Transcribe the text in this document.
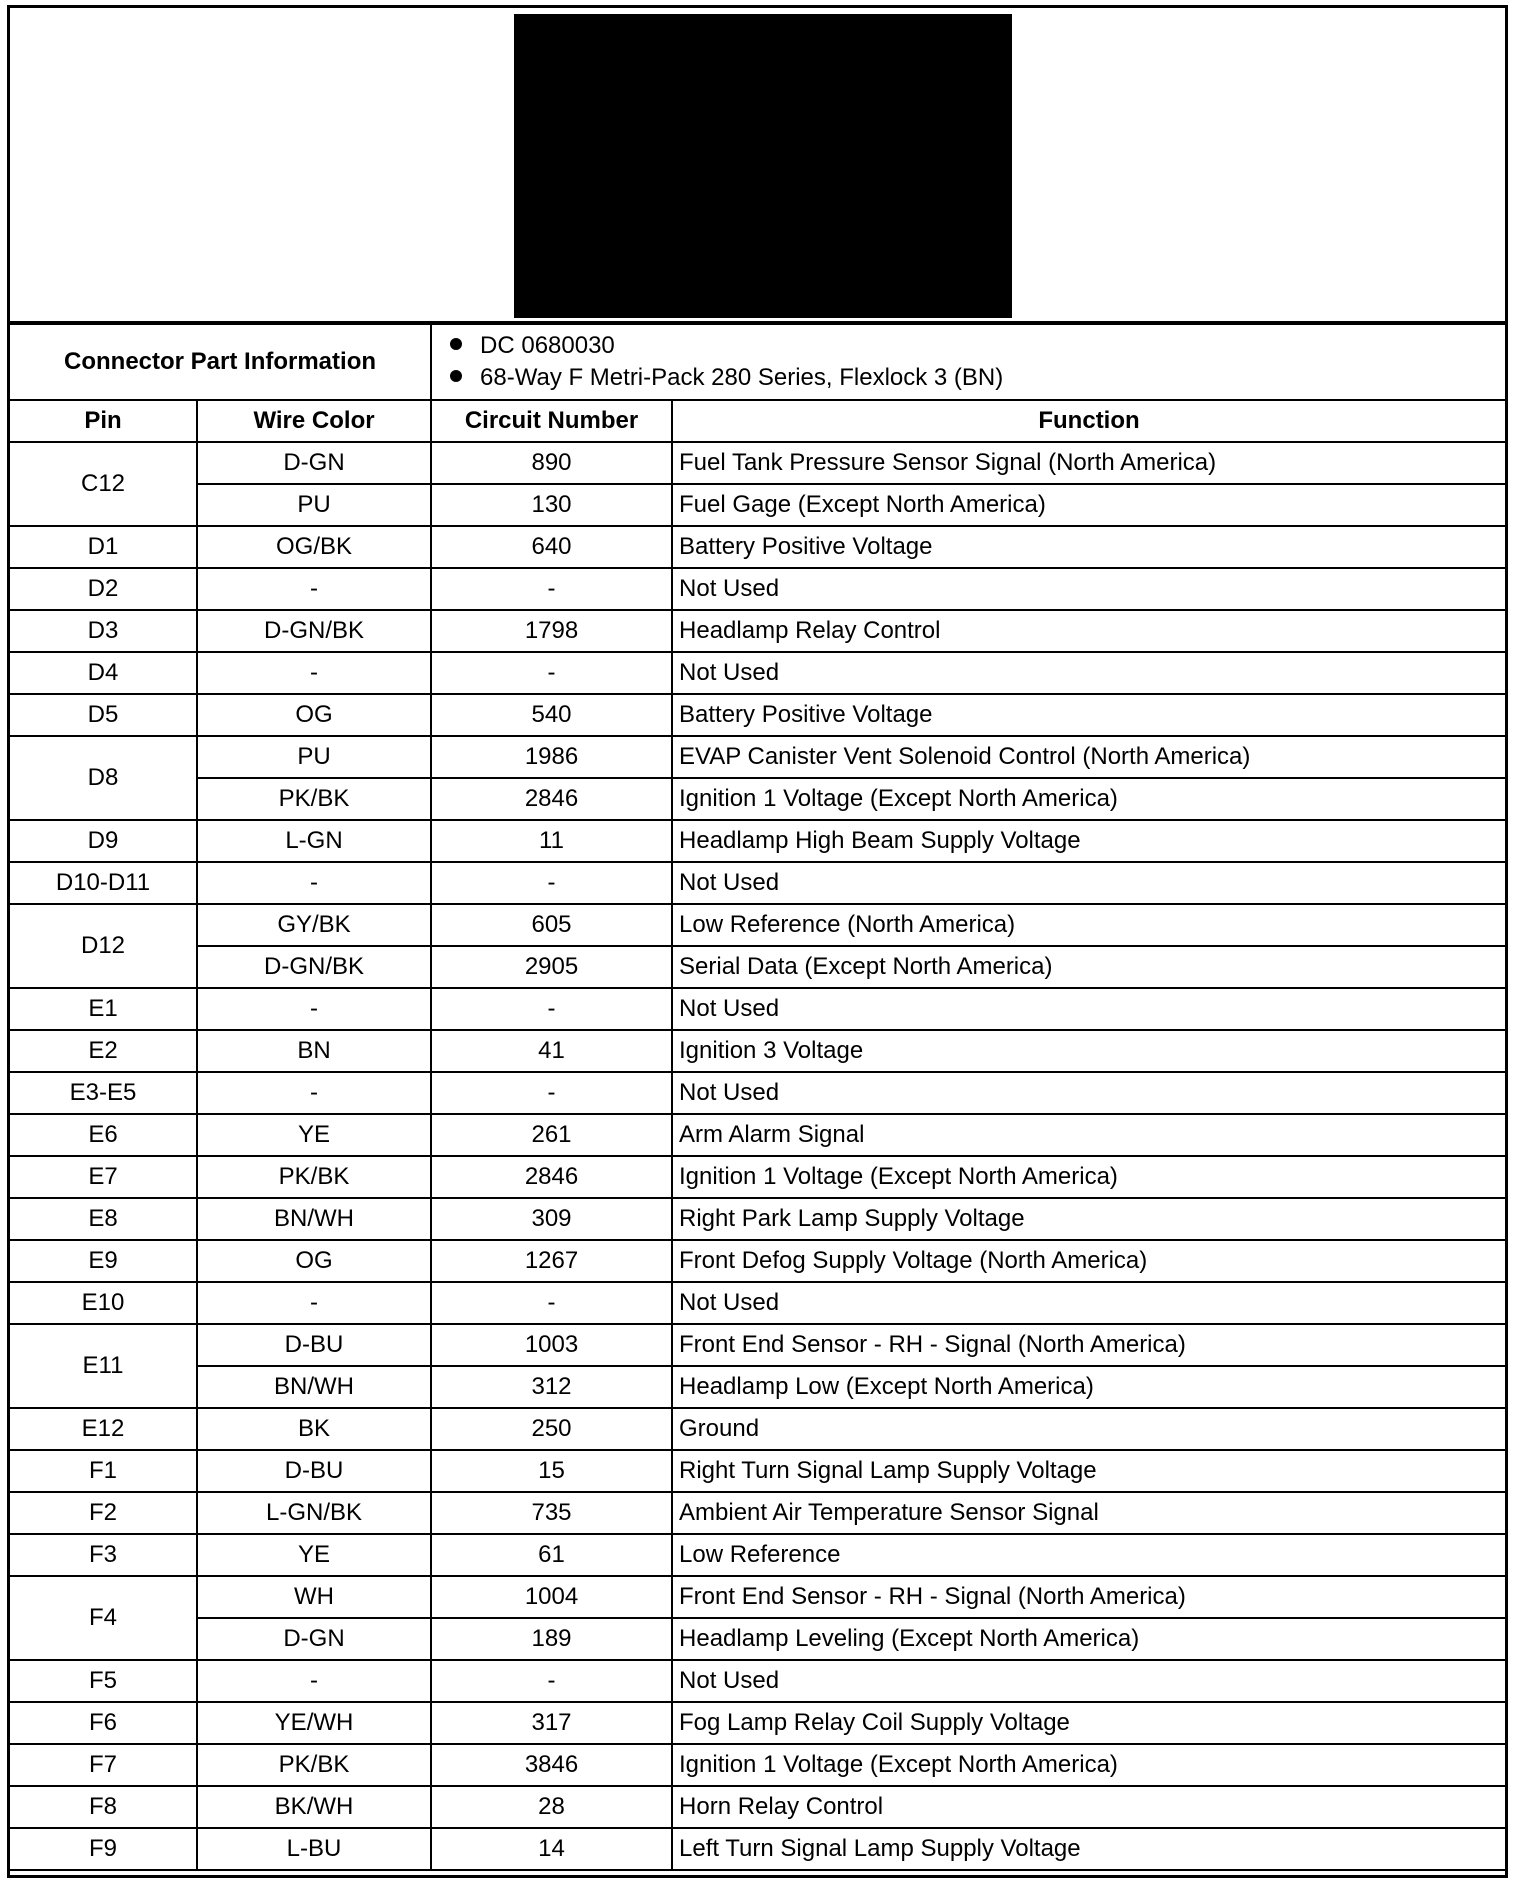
Connector Part Information		DC 0680030
68-Way F Metri-Pack 280 Series, Flexlock 3 (BN)	

Pin	Wire Color	Circuit Number	Function
C12	D-GN	890	Fuel Tank Pressure Sensor Signal (North America)
	PU	130	Fuel Gage (Except North America)
D1	OG/BK	640	Battery Positive Voltage
D2	-	-	Not Used
D3	D-GN/BK	1798	Headlamp Relay Control
D4	-	-	Not Used
D5	OG	540	Battery Positive Voltage
D8	PU	1986	EVAP Canister Vent Solenoid Control (North America)
	PK/BK	2846	Ignition 1 Voltage (Except North America)
D9	L-GN	11	Headlamp High Beam Supply Voltage
D10-D11	-	-	Not Used
D12	GY/BK	605	Low Reference (North America)
	D-GN/BK	2905	Serial Data (Except North America)
E1	-	-	Not Used
E2	BN	41	Ignition 3 Voltage
E3-E5	-	-	Not Used
E6	YE	261	Arm Alarm Signal
E7	PK/BK	2846	Ignition 1 Voltage (Except North America)
E8	BN/WH	309	Right Park Lamp Supply Voltage
E9	OG	1267	Front Defog Supply Voltage (North America)
E10	-	-	Not Used
E11	D-BU	1003	Front End Sensor - RH - Signal (North America)
	BN/WH	312	Headlamp Low (Except North America)
E12	BK	250	Ground
F1	D-BU	15	Right Turn Signal Lamp Supply Voltage
F2	L-GN/BK	735	Ambient Air Temperature Sensor Signal
F3	YE	61	Low Reference
F4	WH	1004	Front End Sensor - RH - Signal (North America)
	D-GN	189	Headlamp Leveling (Except North America)
F5	-	-	Not Used
F6	YE/WH	317	Fog Lamp Relay Coil Supply Voltage
F7	PK/BK	3846	Ignition 1 Voltage (Except North America)
F8	BK/WH	28	Horn Relay Control
F9	L-BU	14	Left Turn Signal Lamp Supply Voltage
